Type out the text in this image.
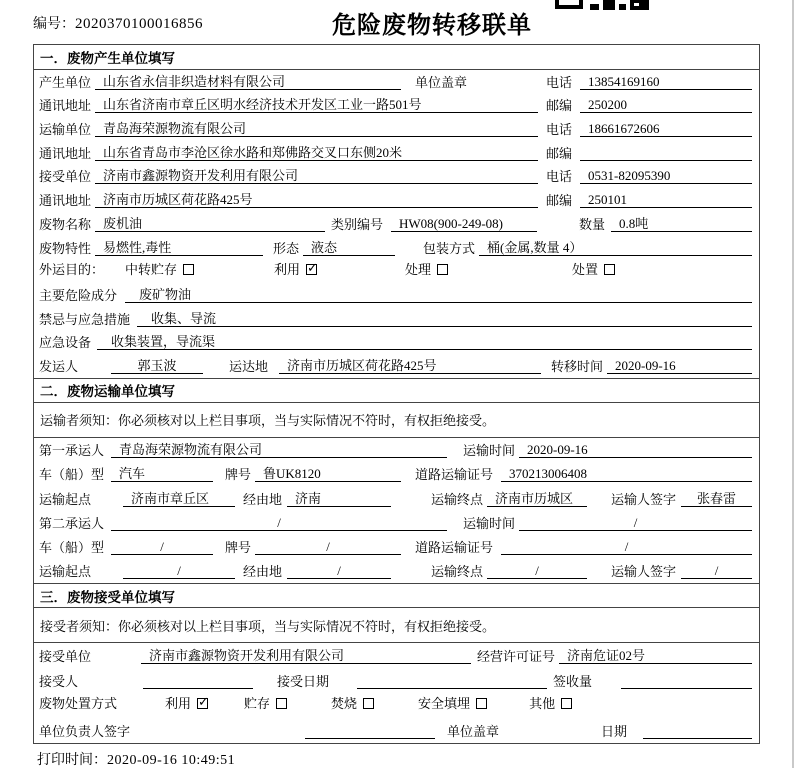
编号：2020370100016856	危险废物转移联单
一．废物产生单位填写
产生单位 山东省永信非织造材料有限公司	单位盖章	电话	13854169160
通讯地址 山东省济南市章丘区明水经济技术开发区工业一路501号	邮编	250200
运输单位 青岛海荣源物流有限公司	电话	18661672606
通讯地址 山东省青岛市李沧区徐水路和郑佛路交叉口东侧20米	邮编
接受单位 济南市鑫源物资开发利用有限公司	电话	0531-82095390
通讯地址 济南市历城区荷花路425号	邮编	250101
废物名称 废机油	类别编号	HW08(900-249-08)	数量	0.8吨
废物特性 易燃性,毒性	形态 液态	包装方式 桶(金属,数量 4）
外运目的：	中转贮存	利用 ✓	处理	处置
主要危险成分	废矿物油
禁忌与应急措施	收集、导流
应急设备	收集装置，导流渠
发运人	郭玉波	运达地	济南市历城区荷花路425号	转移时间 2020-09-16
二．废物运输单位填写
运输者须知：你必须核对以上栏目事项，当与实际情况不符时，有权拒绝接受。
第一承运人	青岛海荣源物流有限公司	运输时间 2020-09-16
车（船）型	汽车	牌号 鲁UK8120	道路运输证号	370213006408
运输起点	济南市章丘区	经由地 济南	运输终点 济南市历城区	运输人签字	张春雷
第二承运人	/	运输时间	/
车（船）型	/	牌号	/	道路运输证号	/
运输起点	/	经由地	/	运输终点	/	运输人签字	/
三．废物接受单位填写
接受者须知：你必须核对以上栏目事项，当与实际情况不符时，有权拒绝接受。
接受单位	济南市鑫源物资开发利用有限公司	经营许可证号 济南危证02号
接受人	接受日期	签收量
废物处置方式	利用 ✓	贮存	焚烧	安全填埋	其他
单位负责人签字	单位盖章	日期
打印时间：2020-09-16 10:49:51
